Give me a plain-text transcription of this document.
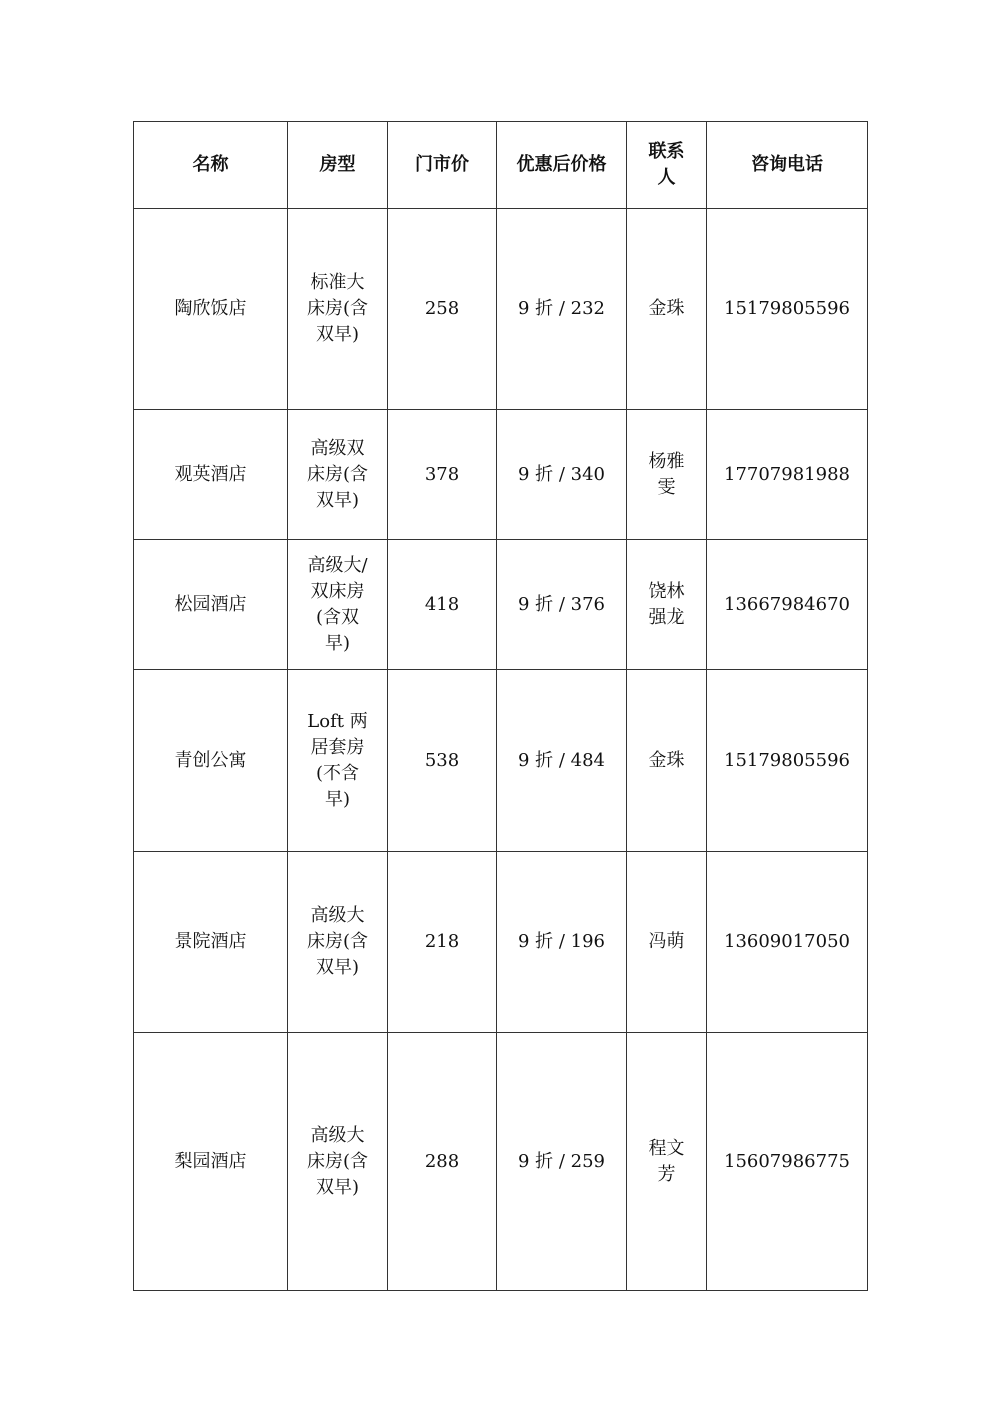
名称	房型	门市价	优惠后价格	联系人	咨询电话
陶欣饭店	标准大床房(含双早)	258	9 折 / 232	金珠	15179805596
观英酒店	高级双床房(含双早)	378	9 折 / 340	杨雅雯	17707981988
松园酒店	高级大/双床房(含双早)	418	9 折 / 376	饶林强龙	13667984670
青创公寓	Loft 两居套房(不含早)	538	9 折 / 484	金珠	15179805596
景院酒店	高级大床房(含双早)	218	9 折 / 196	冯萌	13609017050
梨园酒店	高级大床房(含双早)	288	9 折 / 259	程文芳	15607986775
